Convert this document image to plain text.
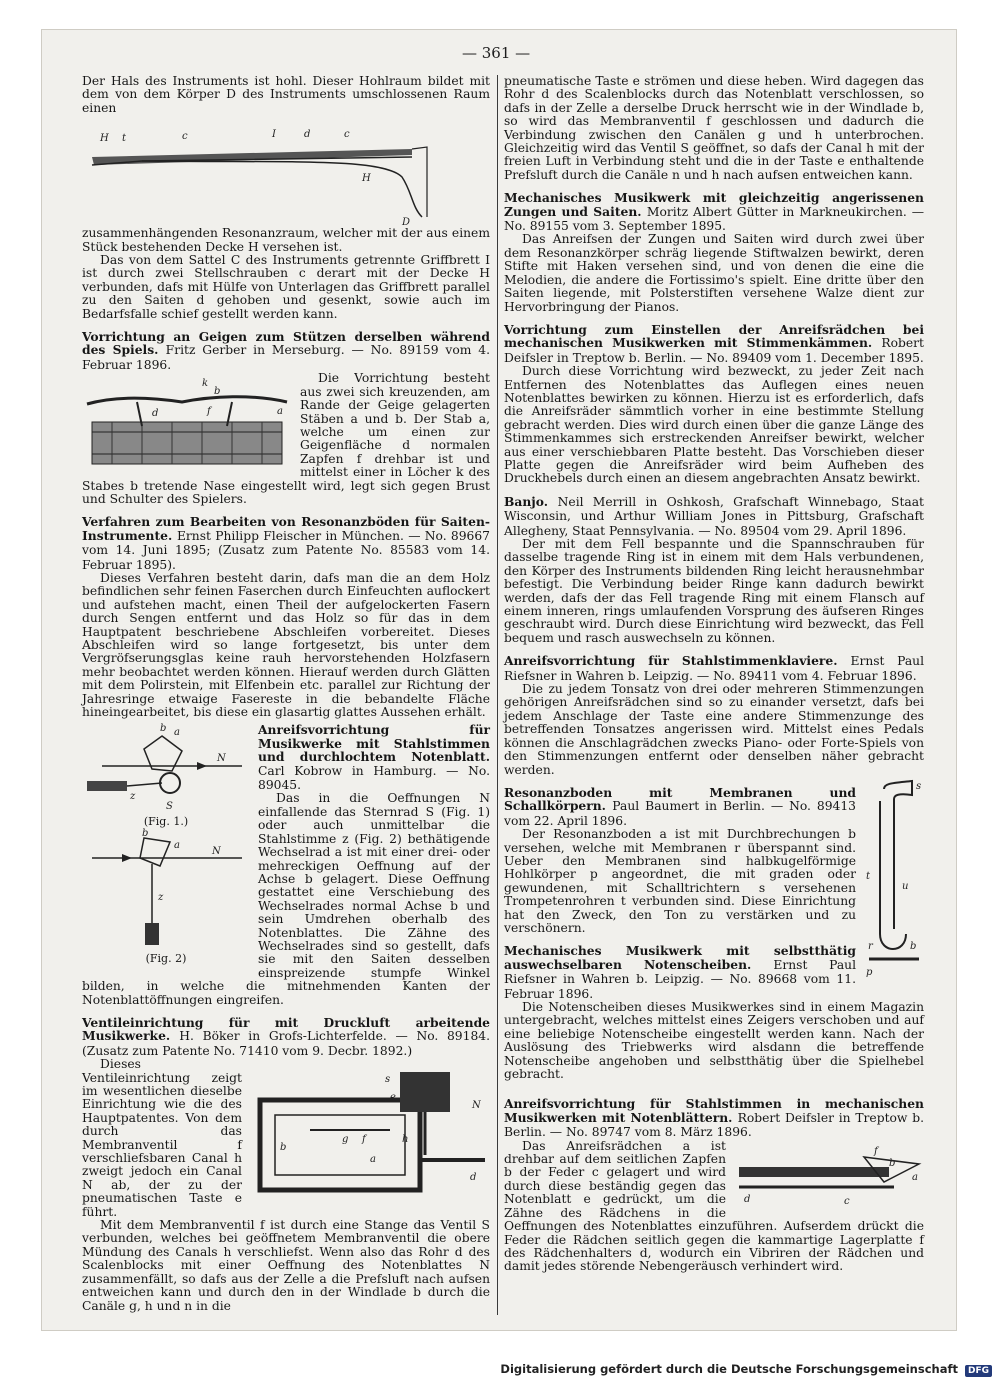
— 361 —

Der Hals des Instruments ist hohl. Dieser Hohlraum bildet mit dem von dem Körper D des Instruments umschlossenen Raum einen

H t	c	I	d	c
H
D

zusammenhängenden Resonanzraum, welcher mit der aus einem Stück bestehenden Decke H versehen ist.

Das von dem Sattel C des Instruments getrennte Griffbrett I ist durch zwei Stellschrauben c derart mit der Decke H verbunden, dafs mit Hülfe von Unterlagen das Griffbrett parallel zu den Saiten d gehoben und gesenkt, sowie auch im Bedarfsfalle schief gestellt werden kann.

Vorrichtung an Geigen zum Stützen derselben während des Spiels. Fritz Gerber in Merseburg. — No. 89159 vom 4. Februar 1896.
k
b
a
f
d

Die Vorrichtung besteht aus zwei sich kreuzenden, am Rande der Geige gelagerten Stäben a und b. Der Stab a, welche um einen zur Geigenfläche d normalen Zapfen f drehbar ist und mittelst einer in Löcher k des Stabes b tretende Nase eingestellt wird, legt sich gegen Brust und Schulter des Spielers.

Verfahren zum Bearbeiten von Resonanzböden für Saiten-Instrumente. Ernst Philipp Fleischer in München. — No. 89667 vom 14. Juni 1895; (Zusatz zum Patente No. 85583 vom 14. Februar 1895).

Dieses Verfahren besteht darin, dafs man die an dem Holz befindlichen sehr feinen Faserchen durch Einfeuchten auflockert und aufstehen macht, einen Theil der aufgelockerten Fasern durch Sengen entfernt und das Holz so für das in dem Hauptpatent beschriebene Abschleifen vorbereitet. Dieses Abschleifen wird so lange fortgesetzt, bis unter dem Vergröfserungsglas keine rauh hervorstehenden Holzfasern mehr beobachtet werden können. Hierauf werden durch Glätten mit dem Polirstein, mit Elfenbein etc. parallel zur Richtung der Jahresringe etwaige Fasereste in die bebandelte Fläche hineingearbeitet, bis diese ein glasartig glattes Aussehen erhält.

b a
N
z
S
(Fig. 1.)
b
a
N
z
(Fig. 2)
Anreifsvorrichtung für Musikwerke mit Stahlstimmen und durchlochtem Notenblatt. Carl Kobrow in Hamburg. — No. 89045.

Das in die Oeffnungen N einfallende das Sternrad S (Fig. 1) oder auch unmittelbar die Stahlstimme z (Fig. 2) bethätigende Wechselrad a ist mit einer drei- oder mehreckigen Oeffnung auf der Achse b gelagert. Diese Oeffnung gestattet eine Verschiebung des Wechselrades normal Achse b und sein Umdrehen oberhalb des Notenblattes. Die Zähne des Wechselrades sind so gestellt, dafs sie mit den Saiten desselben einspreizende stumpfe Winkel bilden, in welche die mitnehmenden Kanten der Notenblattöffnungen eingreifen.

Ventileinrichtung für mit Druckluft arbeitende Musikwerke. H. Böker in Grofs-Lichterfelde. — No. 89184. (Zusatz zum Patente No. 71410 vom 9. Decbr. 1892.)
s
e
N
b
g f	h
a
d

Dieses Ventileinrichtung zeigt im wesentlichen dieselbe Einrichtung wie die des Hauptpatentes. Von dem durch das Membranventil f verschliefsbaren Canal h zweigt jedoch ein Canal N ab, der zu der pneumatischen Taste e führt.

Mit dem Membranventil f ist durch eine Stange das Ventil S verbunden, welches bei geöffnetem Membranventil die obere Mündung des Canals h verschliefst. Wenn also das Rohr d des Scalenblocks mit einer Oeffnung des Notenblattes N zusammenfällt, so dafs aus der Zelle a die Prefsluft nach aufsen entweichen kann und durch den in der Windlade b durch die Canäle g, h und n in die

pneumatische Taste e strömen und diese heben. Wird dagegen das Rohr d des Scalenblocks durch das Notenblatt verschlossen, so dafs in der Zelle a derselbe Druck herrscht wie in der Windlade b, so wird das Membranventil f geschlossen und dadurch die Verbindung zwischen den Canälen g und h unterbrochen. Gleichzeitig wird das Ventil S geöffnet, so dafs der Canal h mit der freien Luft in Verbindung steht und die in der Taste e enthaltende Prefsluft durch die Canäle n und h nach aufsen entweichen kann.

Mechanisches Musikwerk mit gleichzeitig angerissenen Zungen und Saiten. Moritz Albert Gütter in Markneukirchen. — No. 89155 vom 3. September 1895.

Das Anreifsen der Zungen und Saiten wird durch zwei über dem Resonanzkörper schräg liegende Stiftwalzen bewirkt, deren Stifte mit Haken versehen sind, und von denen die eine die Melodien, die andere die Fortissimo's spielt. Eine dritte über den Saiten liegende, mit Polsterstiften versehene Walze dient zur Hervorbringung der Pianos.

Vorrichtung zum Einstellen der Anreifsrädchen bei mechanischen Musikwerken mit Stimmenkämmen. Robert Deifsler in Treptow b. Berlin. — No. 89409 vom 1. December 1895.

Durch diese Vorrichtung wird bezweckt, zu jeder Zeit nach Entfernen des Notenblattes das Auflegen eines neuen Notenblattes bewirken zu können. Hierzu ist es erforderlich, dafs die Anreifsräder sämmtlich vorher in eine bestimmte Stellung gebracht werden. Dies wird durch einen über die ganze Länge des Stimmenkammes sich erstreckenden Anreifser bewirkt, welcher aus einer verschiebbaren Platte besteht. Das Vorschieben dieser Platte gegen die Anreifsräder wird beim Aufheben des Druckhebels durch einen an diesem angebrachten Ansatz bewirkt.

Banjo. Neil Merrill in Oshkosh, Grafschaft Winnebago, Staat Wisconsin, und Arthur William Jones in Pittsburg, Grafschaft Allegheny, Staat Pennsylvania. — No. 89504 vom 29. April 1896.

Der mit dem Fell bespannte und die Spannschrauben für dasselbe tragende Ring ist in einem mit dem Hals verbundenen, den Körper des Instruments bildenden Ring leicht herausnehmbar befestigt. Die Verbindung beider Ringe kann dadurch bewirkt werden, dafs der das Fell tragende Ring mit einem Flansch auf einem inneren, rings umlaufenden Vorsprung des äufseren Ringes geschraubt wird. Durch diese Einrichtung wird bezweckt, das Fell bequem und rasch auswechseln zu können.

Anreifsvorrichtung für Stahlstimmenklaviere. Ernst Paul Riefsner in Wahren b. Leipzig. — No. 89411 vom 4. Februar 1896.

Die zu jedem Tonsatz von drei oder mehreren Stimmenzungen gehörigen Anreifsrädchen sind so zu einander versetzt, dafs bei jedem Anschlage der Taste eine andere Stimmenzunge des betreffenden Tonsatzes angerissen wird. Mittelst eines Pedals können die Anschlagrädchen zwecks Piano- oder Forte-Spiels von den Stimmenzungen entfernt oder denselben näher gebracht werden.

s
t
u
r	b
p
Resonanzboden mit Membranen und Schallkörpern. Paul Baumert in Berlin. — No. 89413 vom 22. April 1896.

Der Resonanzboden a ist mit Durchbrechungen b versehen, welche mit Membranen r überspannt sind. Ueber den Membranen sind halbkugelförmige Hohlkörper p angeordnet, die mit graden oder gewundenen, mit Schalltrichtern s versehenen Trompetenrohren t verbunden sind. Diese Einrichtung hat den Zweck, den Ton zu verstärken und zu verschönern.

Mechanisches Musikwerk mit selbstthätig auswechselbaren Notenscheiben. Ernst Paul Riefsner in Wahren b. Leipzig. — No. 89668 vom 11. Februar 1896.

Die Notenscheiben dieses Musikwerkes sind in einem Magazin untergebracht, welches mittelst eines Zeigers verschoben und auf eine beliebige Notenscheibe eingestellt werden kann. Nach der Auslösung des Triebwerks wird alsdann die betreffende Notenscheibe angehoben und selbstthätig über die Spielhebel gebracht.

Anreifsvorrichtung für Stahlstimmen in mechanischen Musikwerken mit Notenblättern. Robert Deifsler in Treptow b. Berlin. — No. 89747 vom 8. März 1896.
f
b
a
d	c

Das Anreifsrädchen a ist drehbar auf dem seitlichen Zapfen b der Feder c gelagert und wird durch diese beständig gegen das Notenblatt e gedrückt, um die Zähne des Rädchens in die Oeffnungen des Notenblattes einzuführen. Aufserdem drückt die Feder die Rädchen seitlich gegen die kammartige Lagerplatte f des Rädchenhalters d, wodurch ein Vibriren der Rädchen und damit jedes störende Nebengeräusch verhindert wird.

Digitalisierung gefördert durch die Deutsche Forschungsgemeinschaft DFG
